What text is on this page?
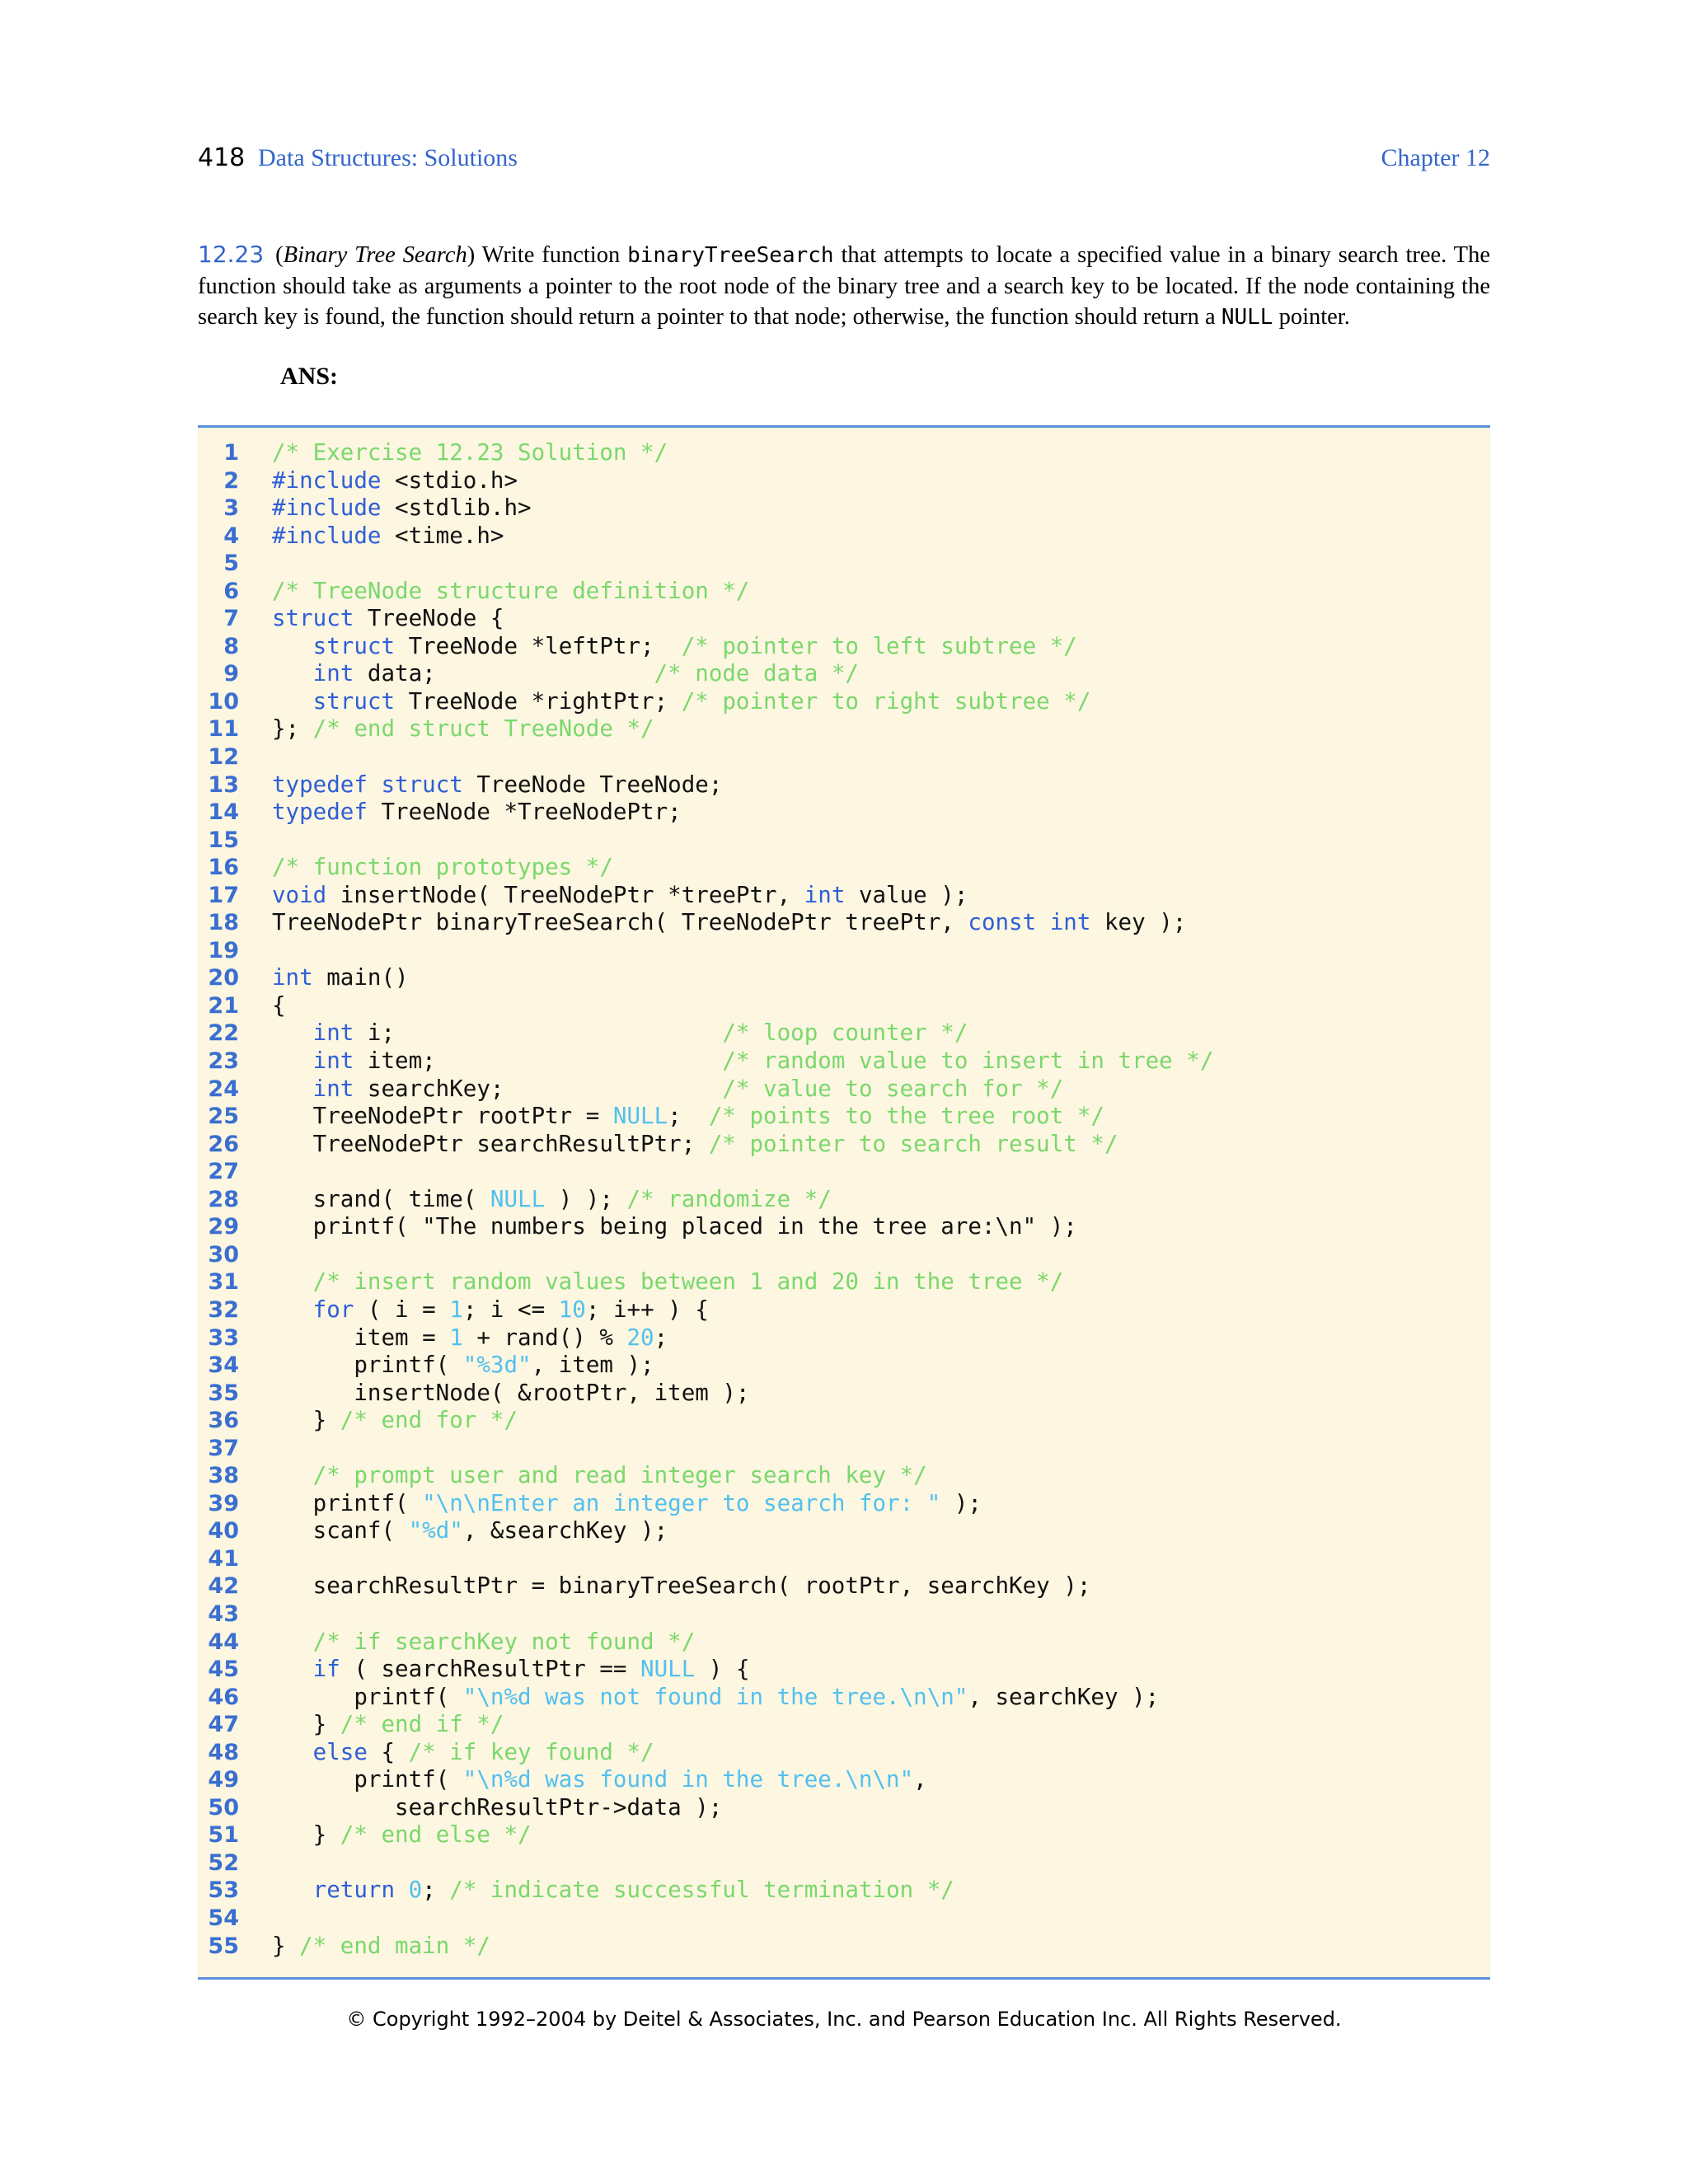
418 Data Structures: Solutions	Chapter 12
12.23 (Binary Tree Search) Write function binaryTreeSearch that attempts to locate a specified value in a binary search tree. The function should take as arguments a pointer to the root node of the binary tree and a search key to be located. If the node containing the search key is found, the function should return a pointer to that node; otherwise, the function should return a NULL pointer.
ANS:
1 /* Exercise 12.23 Solution */
2 #include <stdio.h>
3 #include <stdlib.h>
4 #include <time.h>
5
6 /* TreeNode structure definition */
7 struct TreeNode {
8	struct TreeNode *leftPtr;  /* pointer to left subtree */
9	int data;                /* node data */
10	struct TreeNode *rightPtr; /* pointer to right subtree */
11 }; /* end struct TreeNode */
12
13 typedef struct TreeNode TreeNode;
14 typedef TreeNode *TreeNodePtr;
15
16 /* function prototypes */
17 void insertNode( TreeNodePtr *treePtr, int value );
18 TreeNodePtr binaryTreeSearch( TreeNodePtr treePtr, const int key );
19
20 int main()
21 {
22	int i;                        /* loop counter */
23	int item;                     /* random value to insert in tree */
24	int searchKey;                /* value to search for */
25 TreeNodePtr rootPtr = NULL;  /* points to the tree root */
26 TreeNodePtr searchResultPtr; /* pointer to search result */
27
28 srand( time( NULL ) ); /* randomize */
29 printf( "The numbers being placed in the tree are:\n" );
30
31	/* insert random values between 1 and 20 in the tree */
32	for ( i = 1; i <= 10; i++ ) {
33 item = 1 + rand() % 20;
34 printf( "%3d", item );
35 insertNode( &rootPtr, item );
36 } /* end for */
37
38	/* prompt user and read integer search key */
39 printf( "\n\nEnter an integer to search for: " );
40 scanf( "%d", &searchKey );
41
42 searchResultPtr = binaryTreeSearch( rootPtr, searchKey );
43
44	/* if searchKey not found */
45	if ( searchResultPtr == NULL ) {
46 printf( "\n%d was not found in the tree.\n\n", searchKey );
47 } /* end if */
48	else { /* if key found */
49 printf( "\n%d was found in the tree.\n\n",
50 searchResultPtr->data );
51 } /* end else */
52
53	return 0; /* indicate successful termination */
54
55 } /* end main */
© Copyright 1992–2004 by Deitel & Associates, Inc. and Pearson Education Inc. All Rights Reserved.
